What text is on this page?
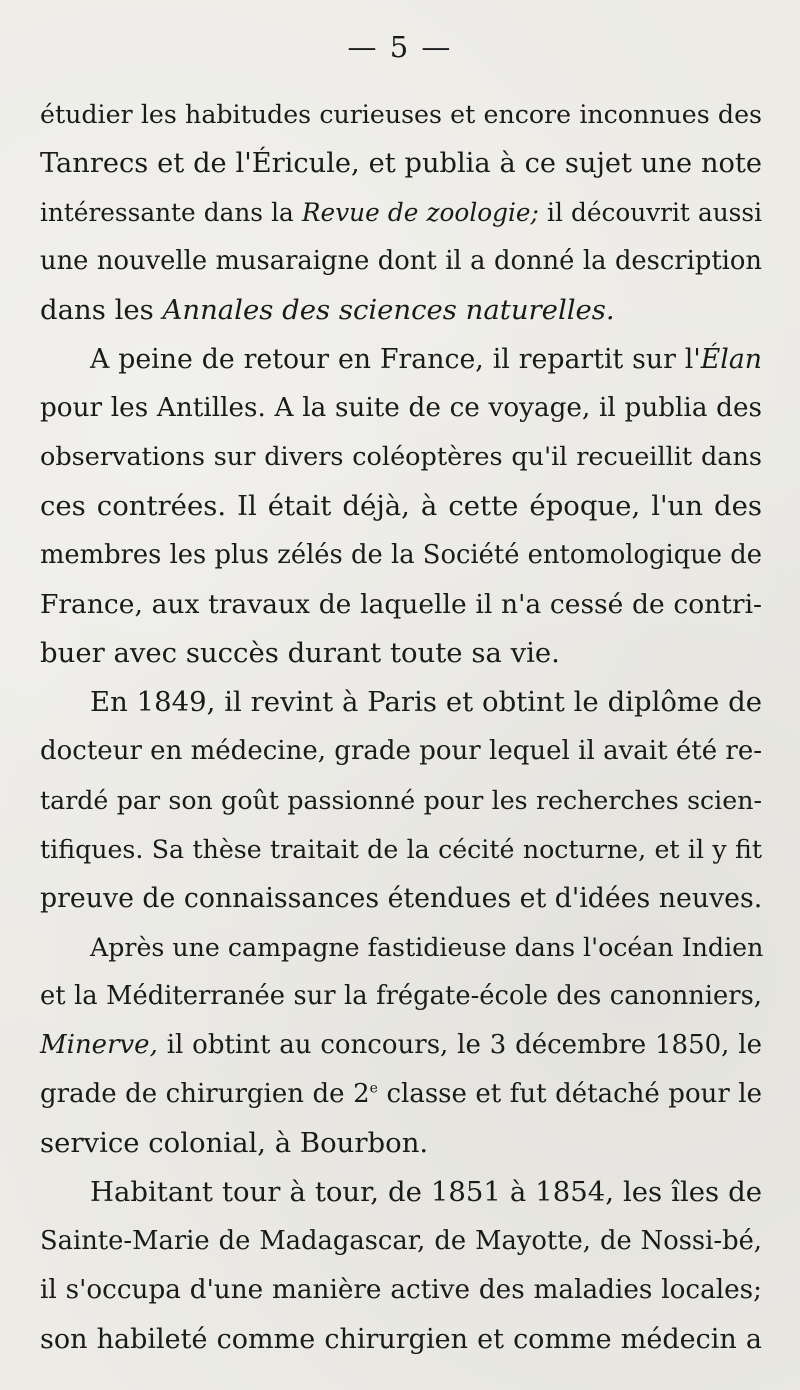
— 5 —
étudier les habitudes curieuses et encore inconnues des
Tanrecs et de l'Éricule, et publia à ce sujet une note
intéressante dans la Revue de zoologie; il découvrit aussi
une nouvelle musaraigne dont il a donné la description
dans les Annales des sciences naturelles.
A peine de retour en France, il repartit sur l'Élan
pour les Antilles. A la suite de ce voyage, il publia des
observations sur divers coléoptères qu'il recueillit dans
ces contrées. Il était déjà, à cette époque, l'un des
membres les plus zélés de la Société entomologique de
France, aux travaux de laquelle il n'a cessé de contri-
buer avec succès durant toute sa vie.
En 1849, il revint à Paris et obtint le diplôme de
docteur en médecine, grade pour lequel il avait été re-
tardé par son goût passionné pour les recherches scien-
tifiques. Sa thèse traitait de la cécité nocturne, et il y fit
preuve de connaissances étendues et d'idées neuves.
Après une campagne fastidieuse dans l'océan Indien
et la Méditerranée sur la frégate-école des canonniers,
Minerve, il obtint au concours, le 3 décembre 1850, le
grade de chirurgien de 2e classe et fut détaché pour le
service colonial, à Bourbon.
Habitant tour à tour, de 1851 à 1854, les îles de
Sainte-Marie de Madagascar, de Mayotte, de Nossi-bé,
il s'occupa d'une manière active des maladies locales;
son habileté comme chirurgien et comme médecin a
